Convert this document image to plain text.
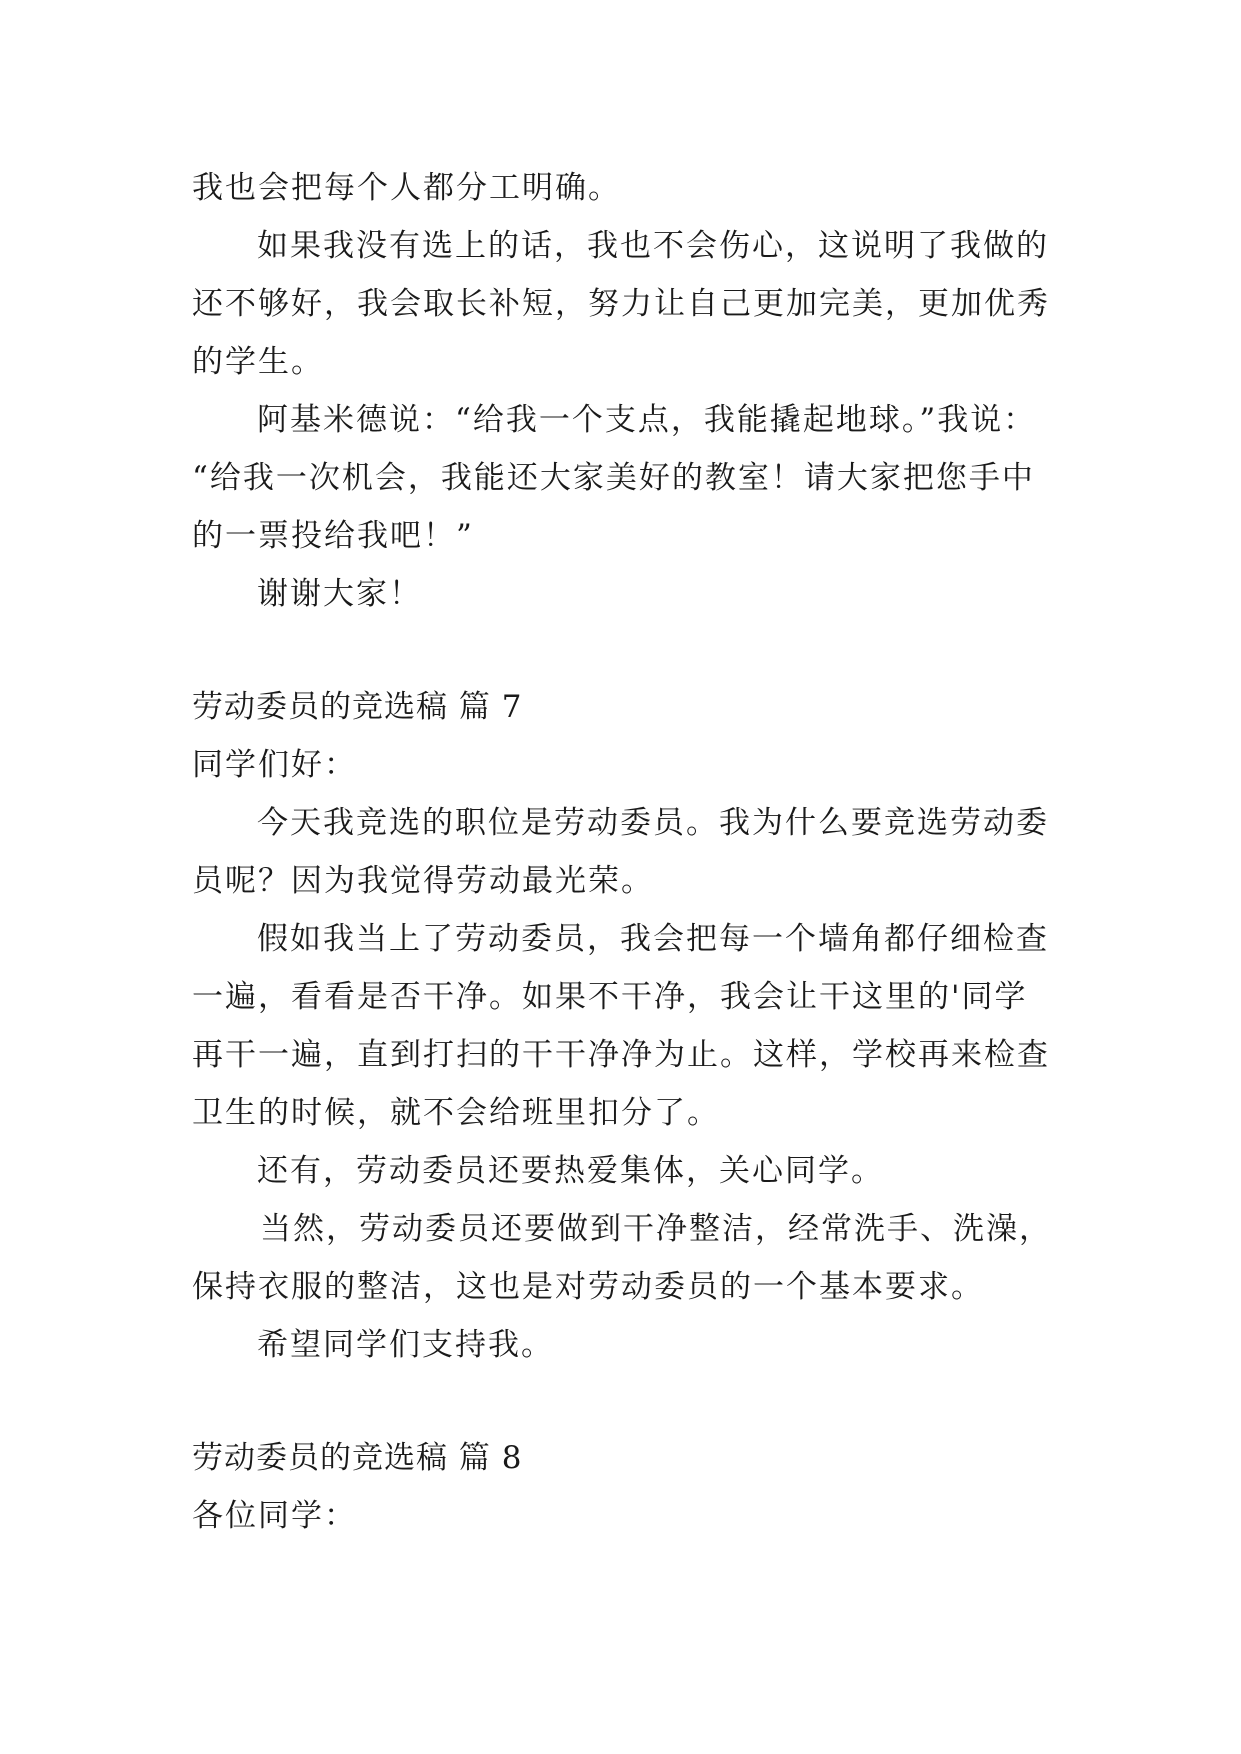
我也会把每个人都分工明确。
如果我没有选上的话，我也不会伤心，这说明了我做的
还不够好，我会取长补短，努力让自己更加完美，更加优秀
的学生。
阿基米德说：“给我一个支点，我能撬起地球。”我说：
“给我一次机会，我能还大家美好的教室！请大家把您手中
的一票投给我吧！”
谢谢大家！
劳动委员的竞选稿 篇 7
同学们好：
今天我竞选的职位是劳动委员。我为什么要竞选劳动委
员呢？因为我觉得劳动最光荣。
假如我当上了劳动委员，我会把每一个墙角都仔细检查
一遍，看看是否干净。如果不干净，我会让干这里的'同学
再干一遍，直到打扫的干干净净为止。这样，学校再来检查
卫生的时候，就不会给班里扣分了。
还有，劳动委员还要热爱集体，关心同学。
当然，劳动委员还要做到干净整洁，经常洗手、洗澡，
保持衣服的整洁，这也是对劳动委员的一个基本要求。
希望同学们支持我。
劳动委员的竞选稿 篇 8
各位同学：
